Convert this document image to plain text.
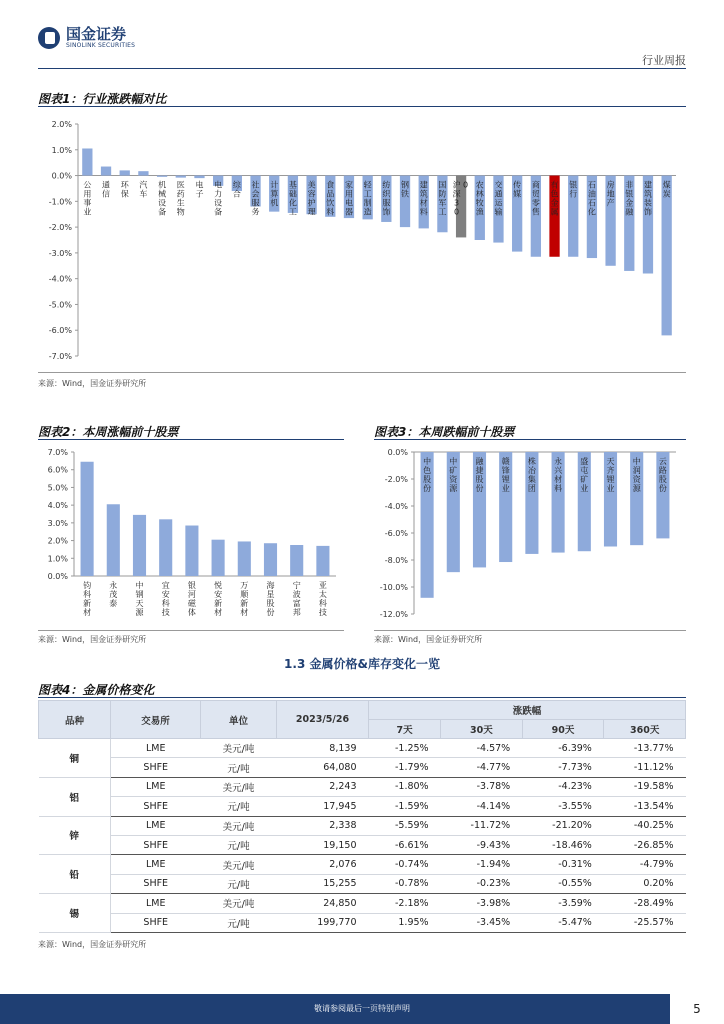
国金证券
SINOLINK SECURITIES
行业周报
图表1：行业涨跌幅对比
2.0%
1.0%
0.0%
-1.0%
-2.0%
-3.0%
-4.0%
-5.0%
-6.0%
-7.0%
公用事业
通信
环保
汽车
机械设备
医药生物
电子
电力设备
综合
社会服务
计算机
基础化工
美容护理
食品饮料
家用电器
轻工制造
纺织服饰
钢铁
建筑材料
国防军工
沪深 3 00 农林牧渔
交通运输
传媒
商贸零售
有色金属
银行
石油石化
房地产
非银金融
建筑装饰
煤炭
来源：Wind，国金证券研究所
图表2：本周涨幅前十股票
7.0%
6.0%
5.0%
4.0%
3.0%
2.0%
1.0%
0.0%
钧科新材
永茂泰
中钢天源
宜安科技
银河磁体
悦安新材
万顺新材
海星股份
宁波富邦
亚太科技
来源：Wind，国金证券研究所
图表3：本周跌幅前十股票
0.0%
-2.0%
-4.0%
-6.0%
-8.0%
-10.0%
-12.0%
中色股份
中矿资源
融捷股份
赣锋锂业
株冶集团
永兴材料
盛屯矿业
天齐锂业
中润资源
云路股份
来源：Wind，国金证券研究所
1.3 金属价格&库存变化一览
图表4：金属价格变化
品种	交易所	单位	2023/5/26	涨跌幅			
				7天	30天	90天	360天
铜	LME	美元/吨	8,139	-1.25%	-4.57%	-6.39%	-13.77%
	SHFE	元/吨	64,080	-1.79%	-4.77%	-7.73%	-11.12%
铝	LME	美元/吨	2,243	-1.80%	-3.78%	-4.23%	-19.58%
	SHFE	元/吨	17,945	-1.59%	-4.14%	-3.55%	-13.54%
锌	LME	美元/吨	2,338	-5.59%	-11.72%	-21.20%	-40.25%
	SHFE	元/吨	19,150	-6.61%	-9.43%	-18.46%	-26.85%
铅	LME	美元/吨	2,076	-0.74%	-1.94%	-0.31%	-4.79%
	SHFE	元/吨	15,255	-0.78%	-0.23%	-0.55%	0.20%
锡	LME	美元/吨	24,850	-2.18%	-3.98%	-3.59%	-28.49%
	SHFE	元/吨	199,770	1.95%	-3.45%	-5.47%	-25.57%
来源：Wind，国金证券研究所
敬请参阅最后一页特别声明	5
